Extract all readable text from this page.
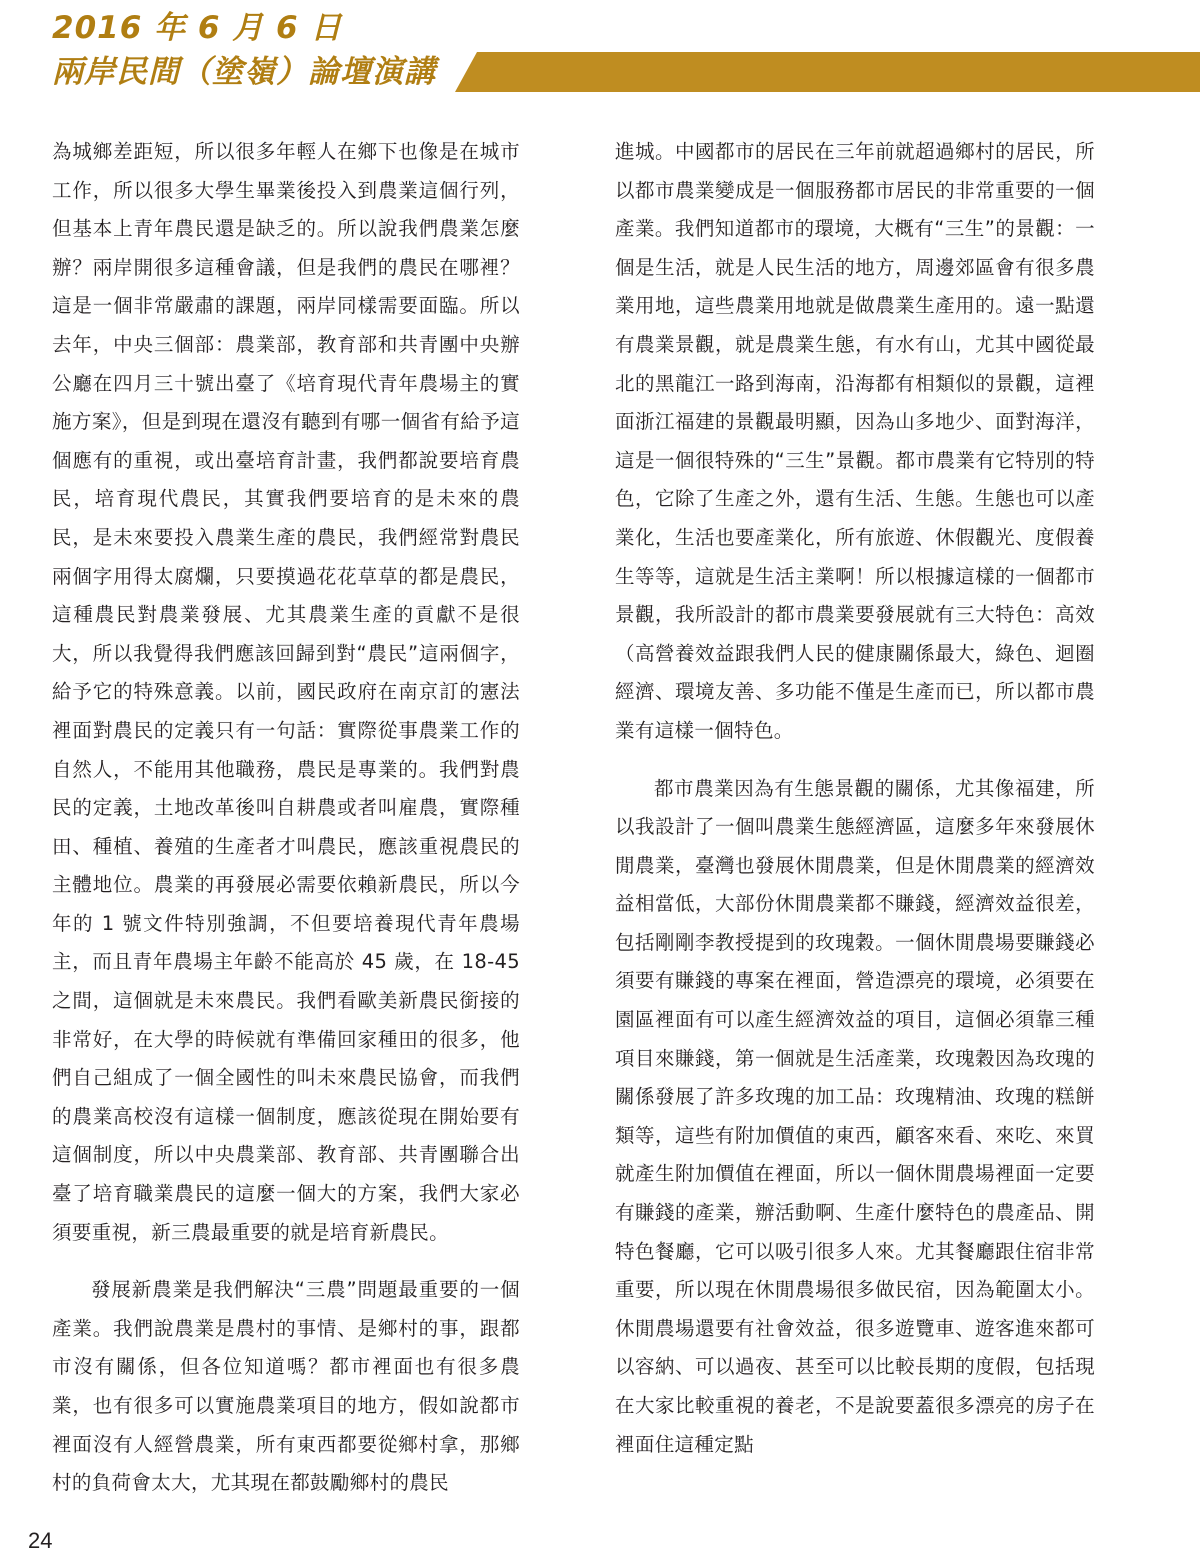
2016 年 6 月 6 日
兩岸民間（塗嶺）論壇演講

為城鄉差距短，所以很多年輕人在鄉下也像是在城市工作，所以很多大學生畢業後投入到農業這個行列，但基本上青年農民還是缺乏的。所以說我們農業怎麼辦？兩岸開很多這種會議，但是我們的農民在哪裡？這是一個非常嚴肅的課題，兩岸同樣需要面臨。所以去年，中央三個部：農業部，教育部和共青團中央辦公廳在四月三十號出臺了《培育現代青年農場主的實施方案》，但是到現在還沒有聽到有哪一個省有給予這個應有的重視，或出臺培育計畫，我們都說要培育農民，培育現代農民，其實我們要培育的是未來的農民，是未來要投入農業生產的農民，我們經常對農民兩個字用得太腐爛，只要摸過花花草草的都是農民，這種農民對農業發展、尤其農業生產的貢獻不是很大，所以我覺得我們應該回歸到對“農民”這兩個字，給予它的特殊意義。以前，國民政府在南京訂的憲法裡面對農民的定義只有一句話：實際從事農業工作的自然人，不能用其他職務，農民是專業的。我們對農民的定義，土地改革後叫自耕農或者叫雇農，實際種田、種植、養殖的生產者才叫農民，應該重視農民的主體地位。農業的再發展必需要依賴新農民，所以今年的 1 號文件特別強調，不但要培養現代青年農場主，而且青年農場主年齡不能高於 45 歲，在 18-45 之間，這個就是未來農民。我們看歐美新農民銜接的非常好，在大學的時候就有準備回家種田的很多，他們自己組成了一個全國性的叫未來農民協會，而我們的農業高校沒有這樣一個制度，應該從現在開始要有這個制度，所以中央農業部、教育部、共青團聯合出臺了培育職業農民的這麼一個大的方案，我們大家必須要重視，新三農最重要的就是培育新農民。

發展新農業是我們解決“三農”問題最重要的一個產業。我們說農業是農村的事情、是鄉村的事，跟都市沒有關係，但各位知道嗎？都市裡面也有很多農業，也有很多可以實施農業項目的地方，假如說都市裡面沒有人經營農業，所有東西都要從鄉村拿，那鄉村的負荷會太大，尤其現在都鼓勵鄉村的農民

進城。中國都市的居民在三年前就超過鄉村的居民，所以都市農業變成是一個服務都市居民的非常重要的一個產業。我們知道都市的環境，大概有“三生”的景觀：一個是生活，就是人民生活的地方，周邊郊區會有很多農業用地，這些農業用地就是做農業生產用的。遠一點還有農業景觀，就是農業生態，有水有山，尤其中國從最北的黑龍江一路到海南，沿海都有相類似的景觀，這裡面浙江福建的景觀最明顯，因為山多地少、面對海洋，這是一個很特殊的“三生”景觀。都市農業有它特別的特色，它除了生產之外，還有生活、生態。生態也可以產業化，生活也要產業化，所有旅遊、休假觀光、度假養生等等，這就是生活主業啊！所以根據這樣的一個都市景觀，我所設計的都市農業要發展就有三大特色：高效（高營養效益跟我們人民的健康關係最大，綠色、迴圈經濟、環境友善、多功能不僅是生產而已，所以都市農業有這樣一個特色。

都市農業因為有生態景觀的關係，尤其像福建，所以我設計了一個叫農業生態經濟區，這麼多年來發展休閒農業，臺灣也發展休閒農業，但是休閒農業的經濟效益相當低，大部份休閒農業都不賺錢，經濟效益很差，包括剛剛李教授提到的玫瑰穀。一個休閒農場要賺錢必須要有賺錢的專案在裡面，營造漂亮的環境，必須要在園區裡面有可以產生經濟效益的項目，這個必須靠三種項目來賺錢，第一個就是生活產業，玫瑰穀因為玫瑰的關係發展了許多玫瑰的加工品：玫瑰精油、玫瑰的糕餅類等，這些有附加價值的東西，顧客來看、來吃、來買就產生附加價值在裡面，所以一個休閒農場裡面一定要有賺錢的產業，辦活動啊、生產什麼特色的農產品、開特色餐廳，它可以吸引很多人來。尤其餐廳跟住宿非常重要，所以現在休閒農場很多做民宿，因為範圍太小。休閒農場還要有社會效益，很多遊覽車、遊客進來都可以容納、可以過夜、甚至可以比較長期的度假，包括現在大家比較重視的養老，不是說要蓋很多漂亮的房子在裡面住這種定點

24
